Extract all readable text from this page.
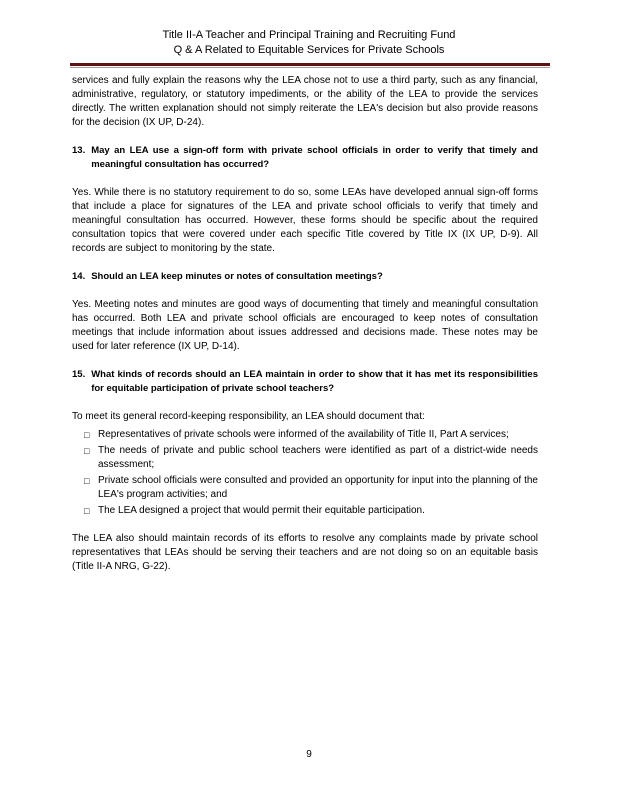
Title II-A Teacher and Principal Training and Recruiting Fund
Q & A Related to Equitable Services for Private Schools

services and fully explain the reasons why the LEA chose not to use a third party, such as any financial, administrative, regulatory, or statutory impediments, or the ability of the LEA to provide the services directly. The written explanation should not simply reiterate the LEA's decision but also provide reasons for the decision (IX UP, D-24).

13. May an LEA use a sign-off form with private school officials in order to verify that timely and meaningful consultation has occurred?

Yes. While there is no statutory requirement to do so, some LEAs have developed annual sign-off forms that include a place for signatures of the LEA and private school officials to verify that timely and meaningful consultation has occurred. However, these forms should be specific about the required consultation topics that were covered under each specific Title covered by Title IX (IX UP, D-9). All records are subject to monitoring by the state.

14. Should an LEA keep minutes or notes of consultation meetings?

Yes. Meeting notes and minutes are good ways of documenting that timely and meaningful consultation has occurred. Both LEA and private school officials are encouraged to keep notes of consultation meetings that include information about issues addressed and decisions made. These notes may be used for later reference (IX UP, D-14).

15. What kinds of records should an LEA maintain in order to show that it has met its responsibilities for equitable participation of private school teachers?

To meet its general record-keeping responsibility, an LEA should document that:

□ Representatives of private schools were informed of the availability of Title II, Part A services;
□ The needs of private and public school teachers were identified as part of a district-wide needs assessment;
□ Private school officials were consulted and provided an opportunity for input into the planning of the LEA's program activities; and
□ The LEA designed a project that would permit their equitable participation.

The LEA also should maintain records of its efforts to resolve any complaints made by private school representatives that LEAs should be serving their teachers and are not doing so on an equitable basis (Title II-A NRG, G-22).

9
